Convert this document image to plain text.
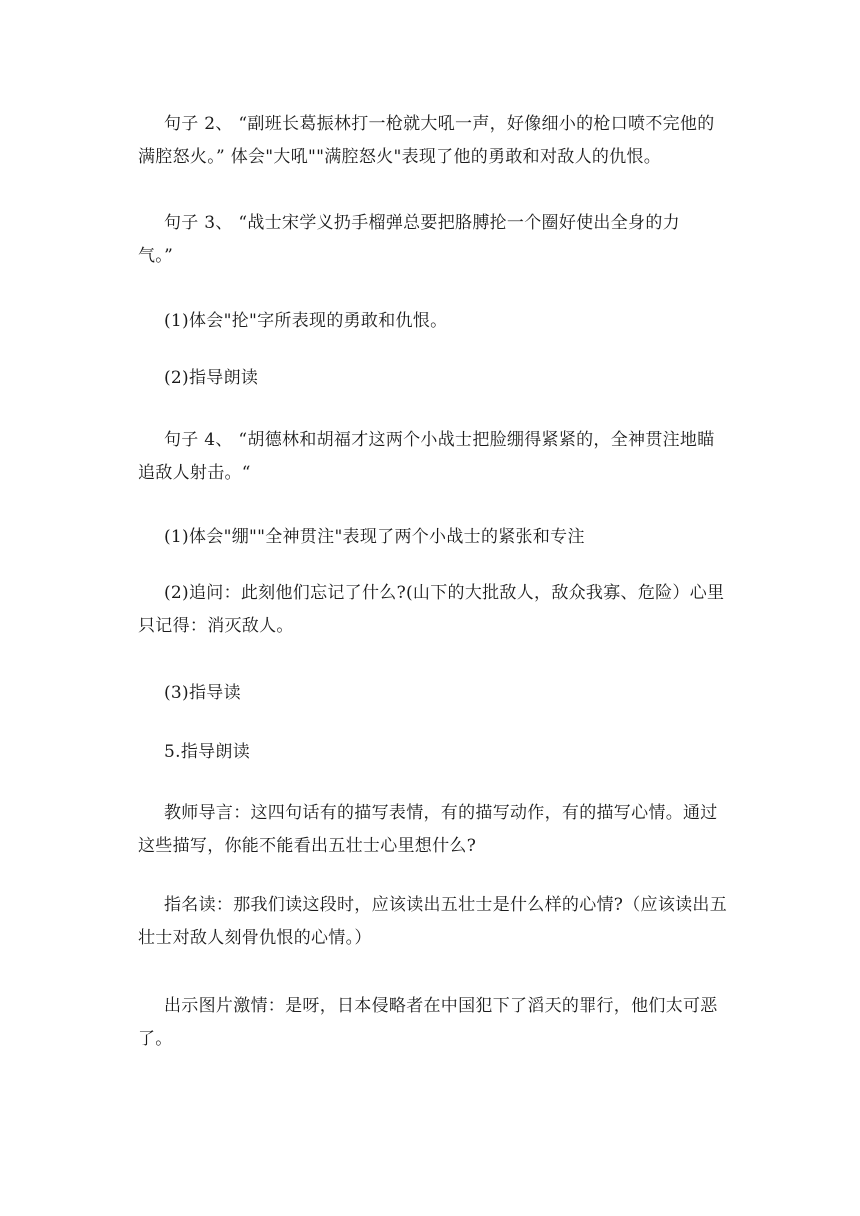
句子 2、 “副班长葛振林打一枪就大吼一声，好像细小的枪口喷不完他的
满腔怒火。” 体会"大吼""满腔怒火"表现了他的勇敢和对敌人的仇恨。

句子 3、 “战士宋学义扔手榴弹总要把胳膊抡一个圈好使出全身的力
气。”

(1)体会"抡"字所表现的勇敢和仇恨。

(2)指导朗读

句子 4、 “胡德林和胡福才这两个小战士把脸绷得紧紧的，全神贯注地瞄
追敌人射击。“

(1)体会"绷""全神贯注"表现了两个小战士的紧张和专注

(2)追问：此刻他们忘记了什么?(山下的大批敌人，敌众我寡、危险）心里
只记得：消灭敌人。

(3)指导读

5.指导朗读

教师导言：这四句话有的描写表情，有的描写动作，有的描写心情。通过
这些描写，你能不能看出五壮士心里想什么?

指名读：那我们读这段时，应该读出五壮士是什么样的心情?（应该读出五
壮士对敌人刻骨仇恨的心情。）

出示图片激情：是呀，日本侵略者在中国犯下了滔天的罪行，他们太可恶
了。
